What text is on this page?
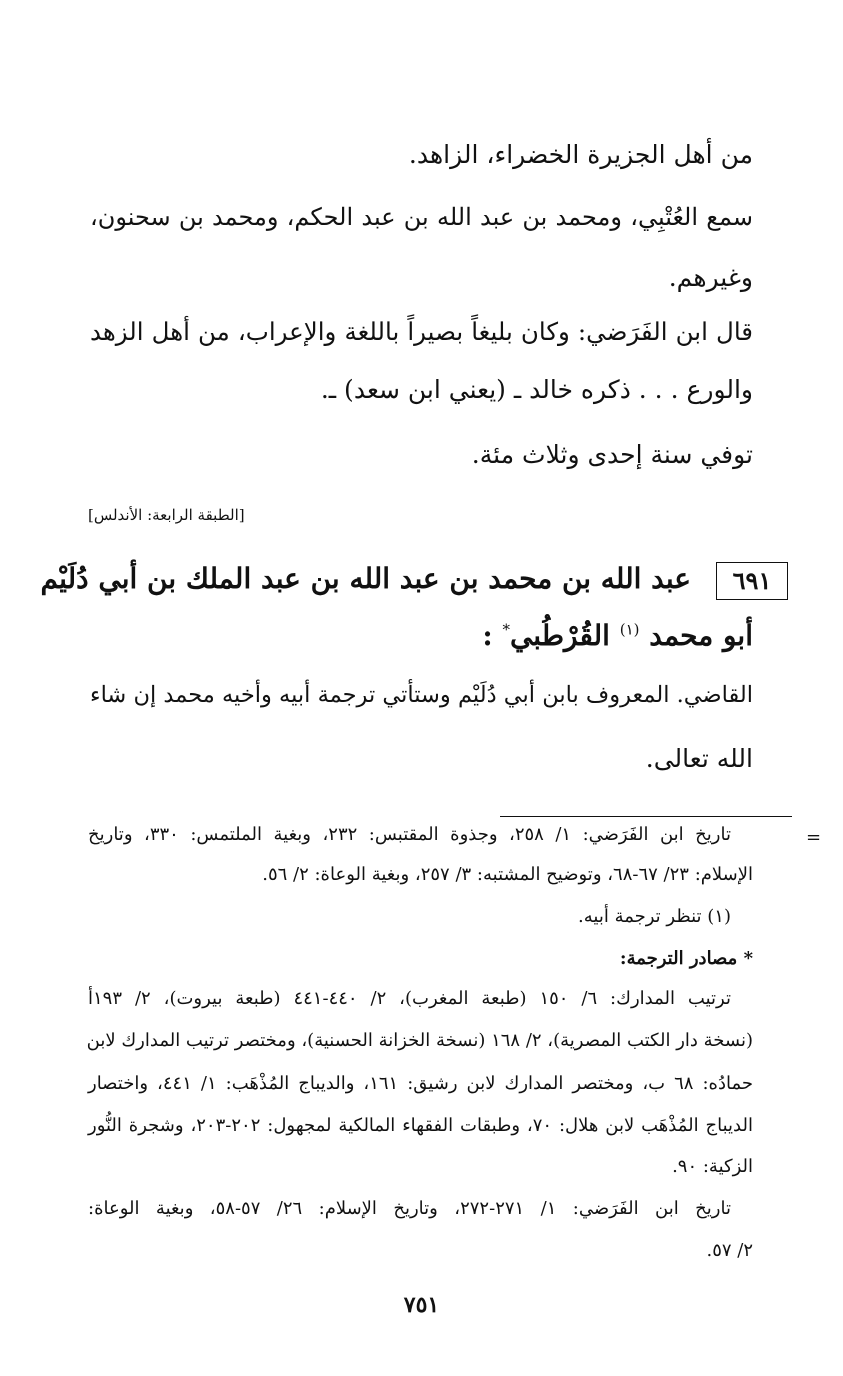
من أهل الجزيرة الخضراء، الزاهد.
سمع العُتْبِي، ومحمد بن عبد الله بن عبد الحكم، ومحمد بن سحنون،
وغيرهم.
قال ابن الفَرَضي: وكان بليغاً بصيراً باللغة والإعراب، من أهل الزهد
والورع . . . ذكره خالد ـ (يعني ابن سعد) ـ.
توفي سنة إحدى وثلاث مئة.
[الطبقة الرابعة: الأندلس]
٦٩١
عبد الله بن محمد بن عبد الله بن عبد الملك بن أبي دُلَيْم
أبو محمد $^{(١)}$ القُرْطُبي* :
القاضي. المعروف بابن أبي دُلَيْم وستأتي ترجمة أبيه وأخيه محمد إن شاء
الله تعالى.
=
تاريخ ابن الفَرَضي: ١/ ٢٥٨، وجذوة المقتبس: ٢٣٢، وبغية الملتمس: ٣٣٠، وتاريخ
الإسلام: ٢٣/ ٦٧-٦٨، وتوضيح المشتبه: ٣/ ٢٥٧، وبغية الوعاة: ٢/ ٥٦.
(١) تنظر ترجمة أبيه.
* مصادر الترجمة:
ترتيب المدارك: ٦/ ١٥٠ (طبعة المغرب)، ٢/ ٤٤٠-٤٤١ (طبعة بيروت)، ٢/ ١٩٣أ
(نسخة دار الكتب المصرية)، ٢/ ١٦٨ (نسخة الخزانة الحسنية)، ومختصر ترتيب المدارك لابن
حمادُه: ٦٨ ب، ومختصر المدارك لابن رشيق: ١٦١، والديباج المُذْهَب: ١/ ٤٤١، واختصار
الديباج المُذْهَب لابن هلال: ٧٠، وطبقات الفقهاء المالكية لمجهول: ٢٠٢-٢٠٣، وشجرة النُّور
الزكية: ٩٠.
تاريخ ابن الفَرَضي: ١/ ٢٧١-٢٧٢، وتاريخ الإسلام: ٢٦/ ٥٧-٥٨، وبغية الوعاة:
٢/ ٥٧.
٧٥١
